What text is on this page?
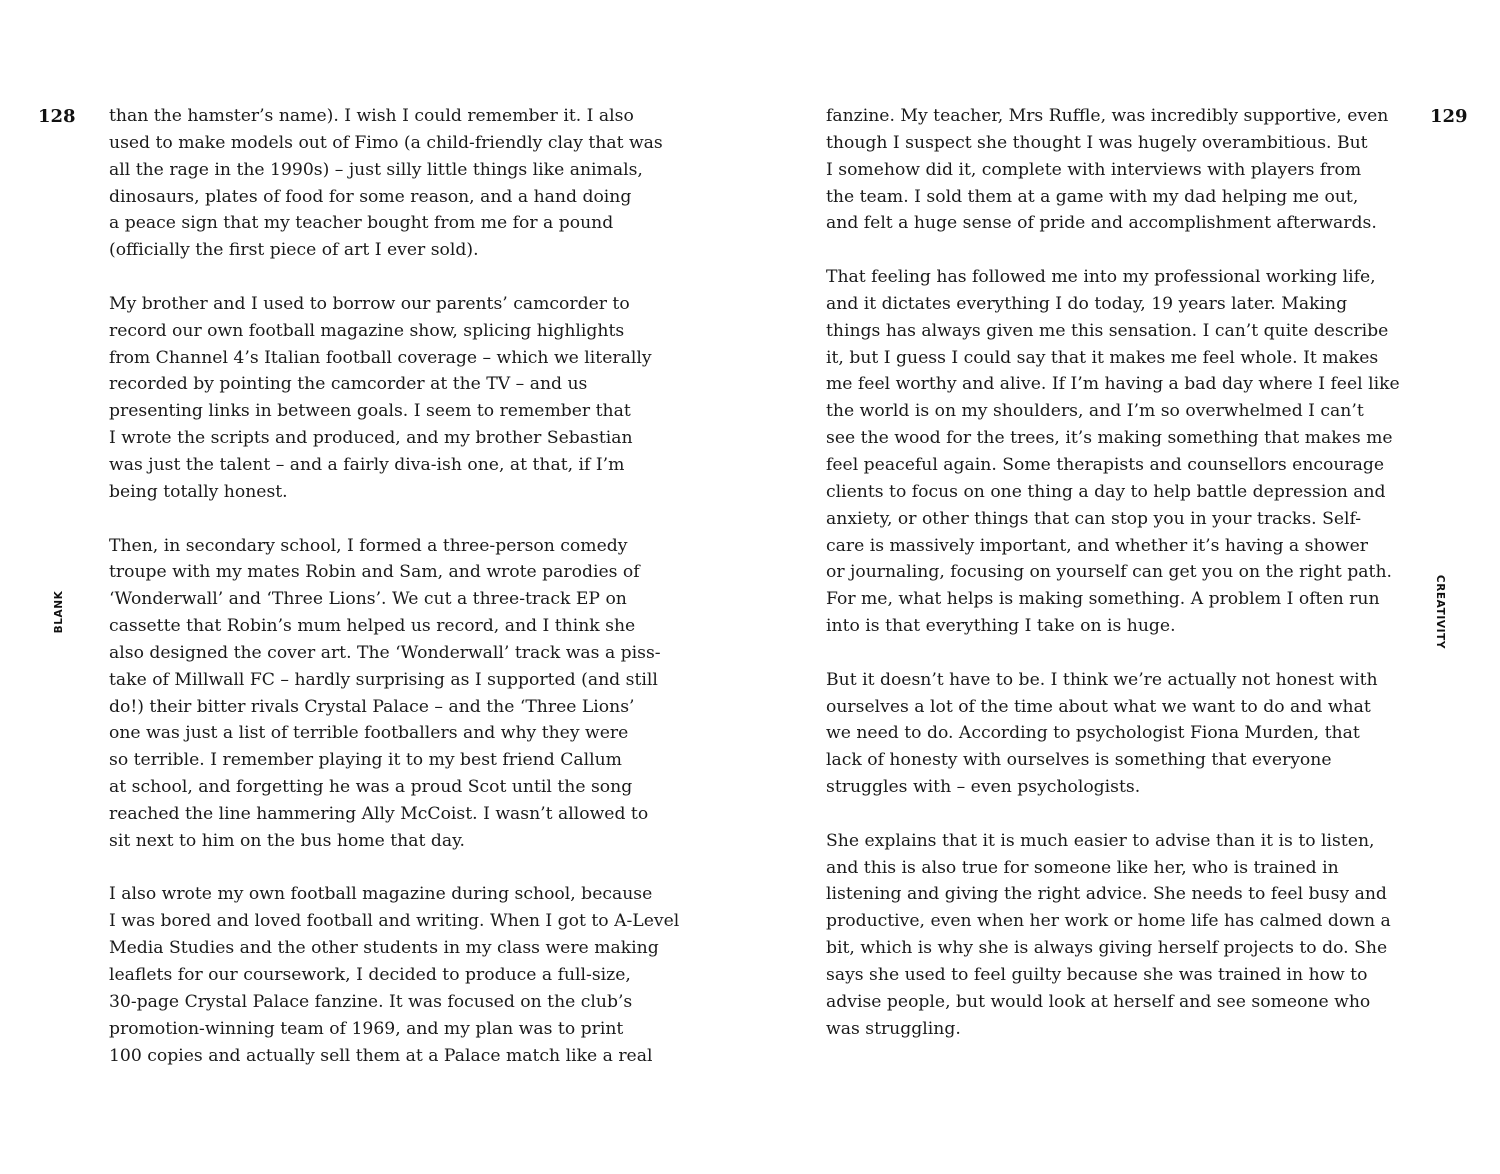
128
BLANK

than the hamster’s name). I wish I could remember it. I also
used to make models out of Fimo (a child-friendly clay that was
all the rage in the 1990s) – just silly little things like animals,
dinosaurs, plates of food for some reason, and a hand doing
a peace sign that my teacher bought from me for a pound
(officially the first piece of art I ever sold).

My brother and I used to borrow our parents’ camcorder to
record our own football magazine show, splicing highlights
from Channel 4’s Italian football coverage – which we literally
recorded by pointing the camcorder at the TV – and us
presenting links in between goals. I seem to remember that
I wrote the scripts and produced, and my brother Sebastian
was just the talent – and a fairly diva-ish one, at that, if I’m
being totally honest.

Then, in secondary school, I formed a three-person comedy
troupe with my mates Robin and Sam, and wrote parodies of
‘Wonderwall’ and ‘Three Lions’. We cut a three-track EP on
cassette that Robin’s mum helped us record, and I think she
also designed the cover art. The ‘Wonderwall’ track was a piss-
take of Millwall FC – hardly surprising as I supported (and still
do!) their bitter rivals Crystal Palace – and the ‘Three Lions’
one was just a list of terrible footballers and why they were
so terrible. I remember playing it to my best friend Callum
at school, and forgetting he was a proud Scot until the song
reached the line hammering Ally McCoist. I wasn’t allowed to
sit next to him on the bus home that day.

I also wrote my own football magazine during school, because
I was bored and loved football and writing. When I got to A-Level
Media Studies and the other students in my class were making
leaflets for our coursework, I decided to produce a full-size,
30-page Crystal Palace fanzine. It was focused on the club’s
promotion-winning team of 1969, and my plan was to print
100 copies and actually sell them at a Palace match like a real

129
CREATIVITY

fanzine. My teacher, Mrs Ruffle, was incredibly supportive, even
though I suspect she thought I was hugely overambitious. But
I somehow did it, complete with interviews with players from
the team. I sold them at a game with my dad helping me out,
and felt a huge sense of pride and accomplishment afterwards.

That feeling has followed me into my professional working life,
and it dictates everything I do today, 19 years later. Making
things has always given me this sensation. I can’t quite describe
it, but I guess I could say that it makes me feel whole. It makes
me feel worthy and alive. If I’m having a bad day where I feel like
the world is on my shoulders, and I’m so overwhelmed I can’t
see the wood for the trees, it’s making something that makes me
feel peaceful again. Some therapists and counsellors encourage
clients to focus on one thing a day to help battle depression and
anxiety, or other things that can stop you in your tracks. Self-
care is massively important, and whether it’s having a shower
or journaling, focusing on yourself can get you on the right path.
For me, what helps is making something. A problem I often run
into is that everything I take on is huge.

But it doesn’t have to be. I think we’re actually not honest with
ourselves a lot of the time about what we want to do and what
we need to do. According to psychologist Fiona Murden, that
lack of honesty with ourselves is something that everyone
struggles with – even psychologists.

She explains that it is much easier to advise than it is to listen,
and this is also true for someone like her, who is trained in
listening and giving the right advice. She needs to feel busy and
productive, even when her work or home life has calmed down a
bit, which is why she is always giving herself projects to do. She
says she used to feel guilty because she was trained in how to
advise people, but would look at herself and see someone who
was struggling.
